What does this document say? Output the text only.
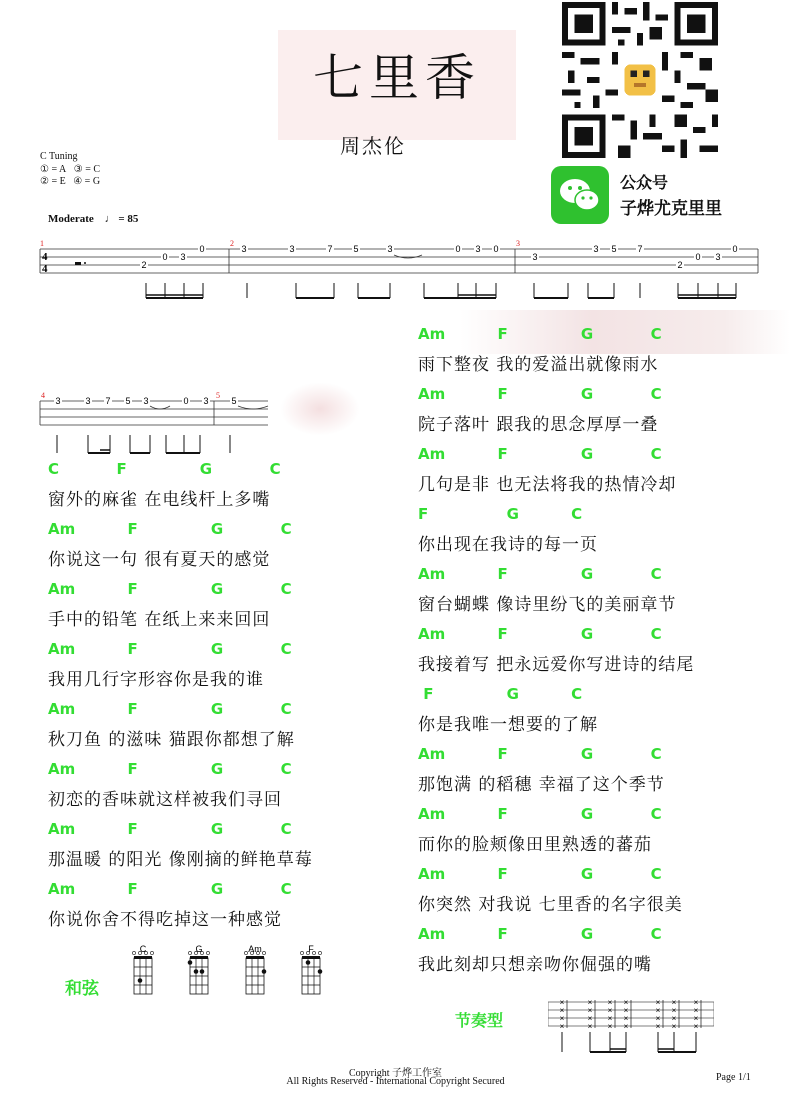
七里香
周杰伦
公众号
子烨尤克里里
C Tuning
① = A ③ = C
② = E ④ = G
Moderate ♩ = 85
1	2	3
4
4	2
0 3
0	3	3	7 5	3	0 3 0
3
3 5 7
2
0 3
0
4	5
3	3 7 5 3	0 3	5
C           F              G           C
窗外的麻雀 在电线杆上多嘴
Am          F              G           C
你说这一句 很有夏天的感觉
Am          F              G           C
手中的铅笔 在纸上来来回回
Am          F              G           C
我用几行字形容你是我的谁
Am          F              G           C
秋刀鱼 的滋味 猫跟你都想了解
Am          F              G           C
初恋的香味就这样被我们寻回
Am          F              G           C
那温暖 的阳光 像刚摘的鲜艳草莓
Am          F              G           C
你说你舍不得吃掉这一种感觉
Am          F              G           C
雨下整夜 我的爱溢出就像雨水
Am          F              G           C
院子落叶 跟我的思念厚厚一叠
Am          F              G           C
几句是非 也无法将我的热情冷却
F               G          C
你出现在我诗的每一页
Am          F              G           C
窗台蝴蝶 像诗里纷飞的美丽章节
Am          F              G           C
我接着写 把永远爱你写进诗的结尾
F              G          C
你是我唯一想要的了解
Am          F              G           C
那饱满 的稻穗 幸福了这个季节
Am          F              G           C
而你的脸颊像田里熟透的蕃茄
Am          F              G           C
你突然 对我说 七里香的名字很美
Am          F              G           C
我此刻却只想亲吻你倔强的嘴
和弦
C	G	Am	F
节奏型
×
×
×
×
×
×
×
×
×
×
×
×
×
×
×
×
×
×
×
×
×
×
×
×
×
×
×
×
Copyright 子烨工作室
All Rights Reserved - International Copyright Secured	Page 1/1
